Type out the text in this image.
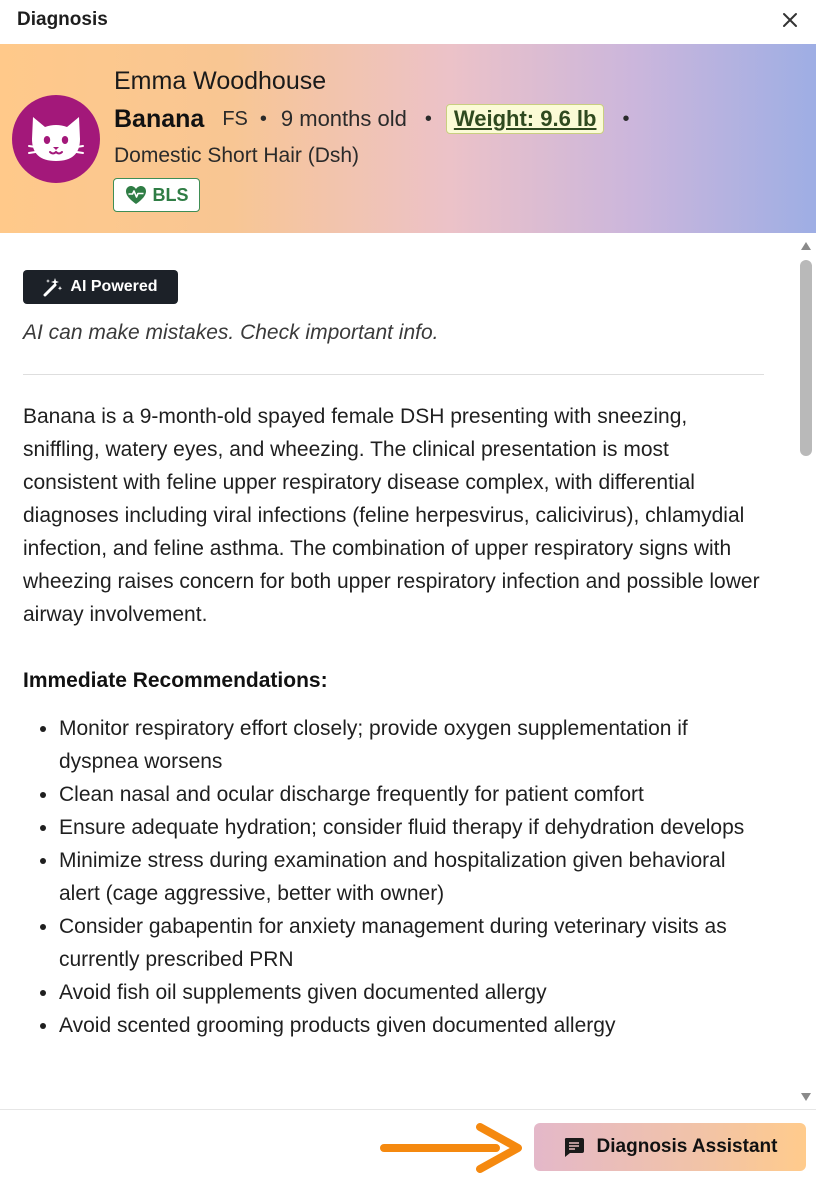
Diagnosis
Emma Woodhouse
Banana FS • 9 months old •	Weight: 9.6 lb	•
Domestic Short Hair (Dsh)
BLS
AI Powered
AI can make mistakes. Check important info.

Banana is a 9-month-old spayed female DSH presenting with sneezing, sniffling, watery eyes, and wheezing. The clinical presentation is most consistent with feline upper respiratory disease complex, with differential diagnoses including viral infections (feline herpesvirus, calicivirus), chlamydial infection, and feline asthma. The combination of upper respiratory signs with wheezing raises concern for both upper respiratory infection and possible lower airway involvement.

Immediate Recommendations:
• Monitor respiratory effort closely; provide oxygen supplementation if dyspnea worsens
• Clean nasal and ocular discharge frequently for patient comfort
• Ensure adequate hydration; consider fluid therapy if dehydration develops
• Minimize stress during examination and hospitalization given behavioral alert (cage aggressive, better with owner)
• Consider gabapentin for anxiety management during veterinary visits as currently prescribed PRN
• Avoid fish oil supplements given documented allergy
• Avoid scented grooming products given documented allergy
Diagnosis Assistant
